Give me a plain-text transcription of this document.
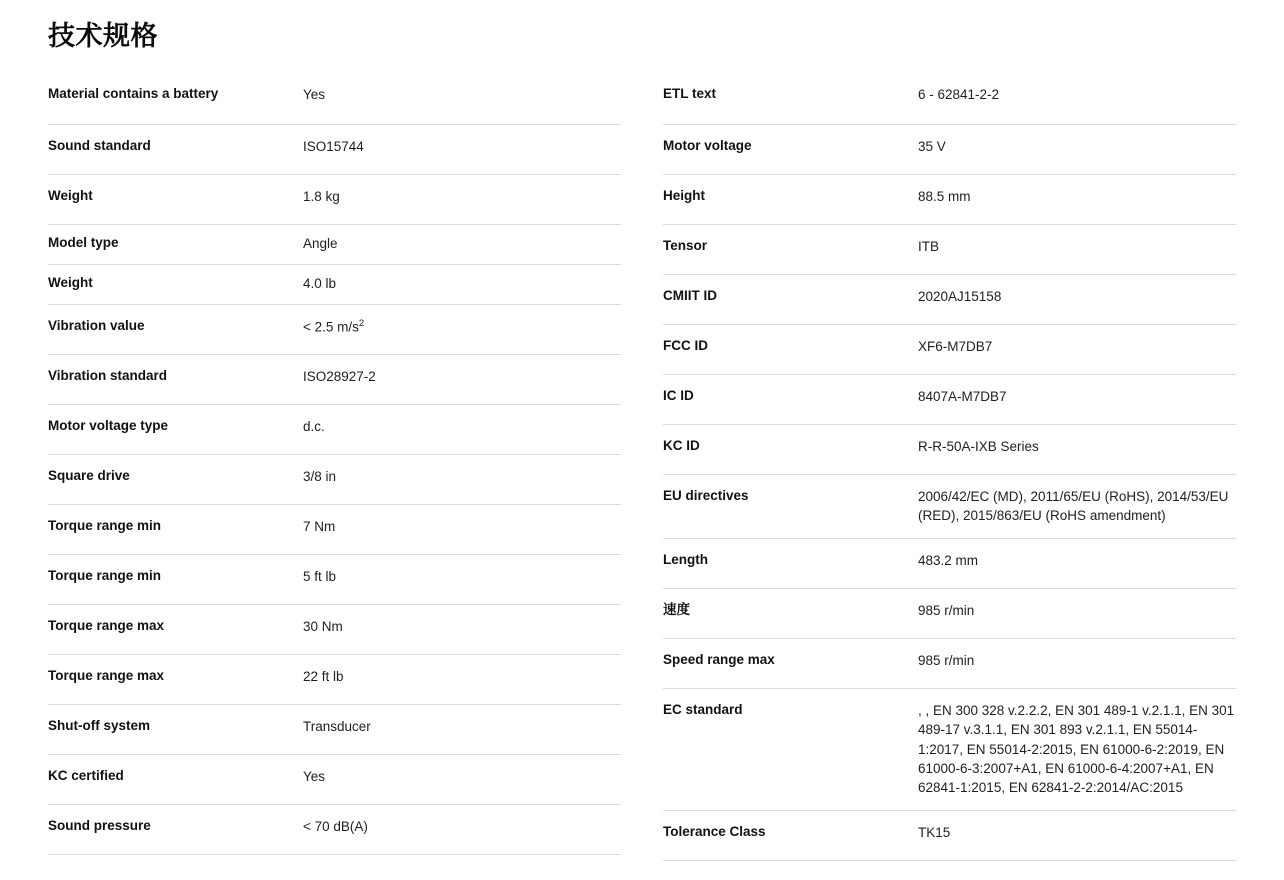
技术规格
Material contains a battery	Yes
Sound standard	ISO15744
Weight	1.8 kg
Model type	Angle
Weight	4.0 lb
Vibration value	< 2.5 $m/s^2$
Vibration standard	ISO28927-2
Motor voltage type	d.c.
Square drive	3/8 in
Torque range min	7 Nm
Torque range min	5 ft lb
Torque range max	30 Nm
Torque range max	22 ft lb
Shut-off system	Transducer
KC certified	Yes
Sound pressure	< 70 dB(A)
ETL text	6 - 62841-2-2
Motor voltage	35 V
Height	88.5 mm
Tensor	ITB
CMIIT ID	2020AJ15158
FCC ID	XF6-M7DB7
IC ID	8407A-M7DB7
KC ID	R-R-50A-IXB Series
EU directives	2006/42/EC (MD), 2011/65/EU (RoHS), 2014/53/EU (RED), 2015/863/EU (RoHS amendment)
Length	483.2 mm
速度	985 r/min
Speed range max	985 r/min
EC standard	, , EN 300 328 v.2.2.2, EN 301 489-1 v.2.1.1, EN 301 489-17 v.3.1.1, EN 301 893 v.2.1.1, EN 55014-1:2017, EN 55014-2:2015, EN 61000-6-2:2019, EN 61000-6-3:2007+A1, EN 61000-6-4:2007+A1, EN 62841-1:2015, EN 62841-2-2:2014/AC:2015
Tolerance Class	TK15
